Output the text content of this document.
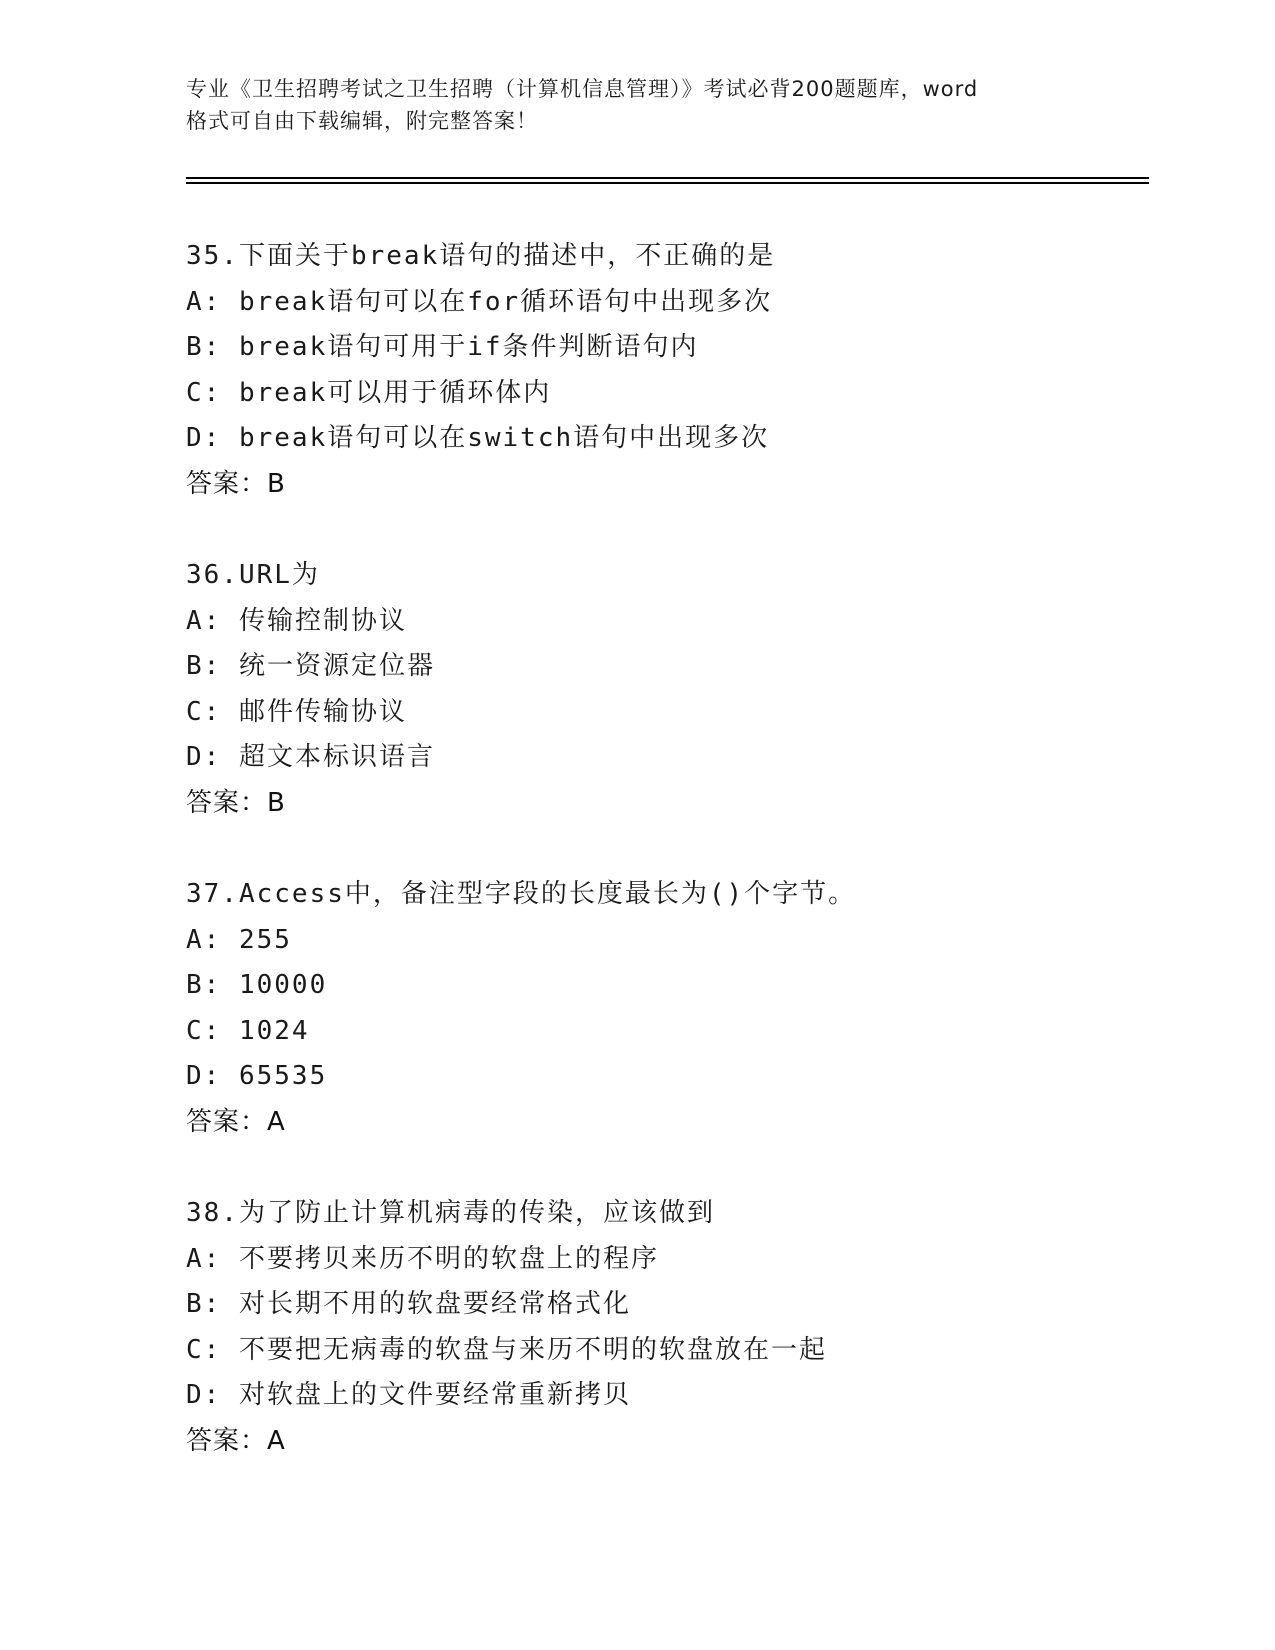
专业《卫生招聘考试之卫生招聘（计算机信息管理）》考试必背200题题库，word
格式可自由下载编辑，附完整答案！
35.下面关于break语句的描述中，不正确的是
A: break语句可以在for循环语句中出现多次
B: break语句可用于if条件判断语句内
C: break可以用于循环体内
D: break语句可以在switch语句中出现多次
答案：B
36.URL为
A: 传输控制协议
B: 统一资源定位器
C: 邮件传输协议
D: 超文本标识语言
答案：B
37.Access中，备注型字段的长度最长为()个字节。
A: 255
B: 10000
C: 1024
D: 65535
答案：A
38.为了防止计算机病毒的传染，应该做到
A: 不要拷贝来历不明的软盘上的程序
B: 对长期不用的软盘要经常格式化
C: 不要把无病毒的软盘与来历不明的软盘放在一起
D: 对软盘上的文件要经常重新拷贝
答案：A
